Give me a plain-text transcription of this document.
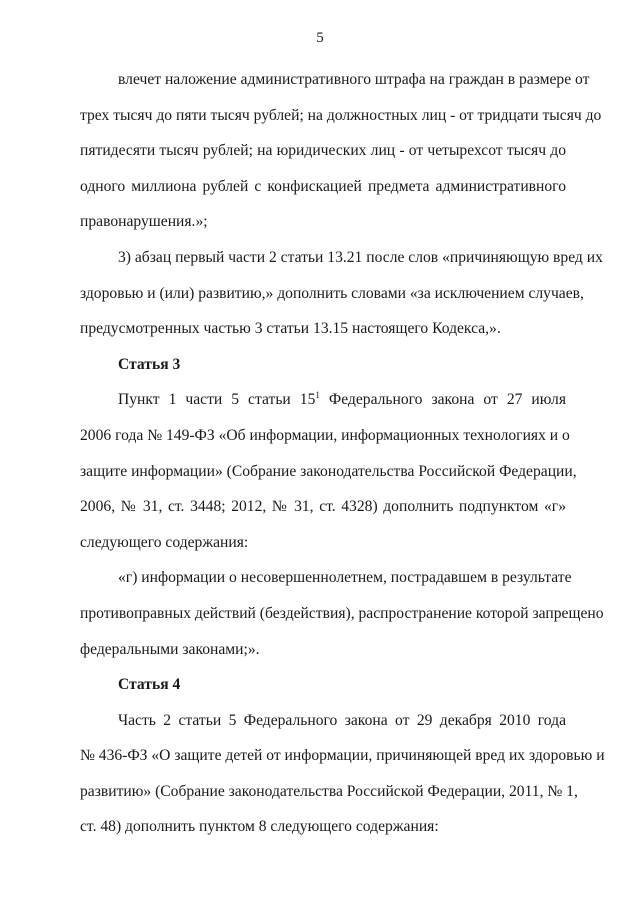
5
влечет наложение административного штрафа на граждан в размере от
трех тысяч до пяти тысяч рублей; на должностных лиц - от тридцати тысяч до
пятидесяти тысяч рублей; на юридических лиц - от четырехсот тысяч до
одного миллиона рублей с конфискацией предмета административного
правонарушения.»;
3) абзац первый части 2 статьи 13.21 после слов «причиняющую вред их
здоровью и (или) развитию,» дополнить словами «за исключением случаев,
предусмотренных частью 3 статьи 13.15 настоящего Кодекса,».
Статья 3
Пункт 1 части 5 статьи $15^1$ Федерального закона от 27 июля
2006 года № 149-ФЗ «Об информации, информационных технологиях и о
защите информации» (Собрание законодательства Российской Федерации,
2006, № 31, ст. 3448; 2012, № 31, ст. 4328) дополнить подпунктом «г»
следующего содержания:
«г) информации о несовершеннолетнем, пострадавшем в результате
противоправных действий (бездействия), распространение которой запрещено
федеральными законами;».
Статья 4
Часть 2 статьи 5 Федерального закона от 29 декабря 2010 года
№ 436-ФЗ «О защите детей от информации, причиняющей вред их здоровью и
развитию» (Собрание законодательства Российской Федерации, 2011, № 1,
ст. 48) дополнить пунктом 8 следующего содержания:
